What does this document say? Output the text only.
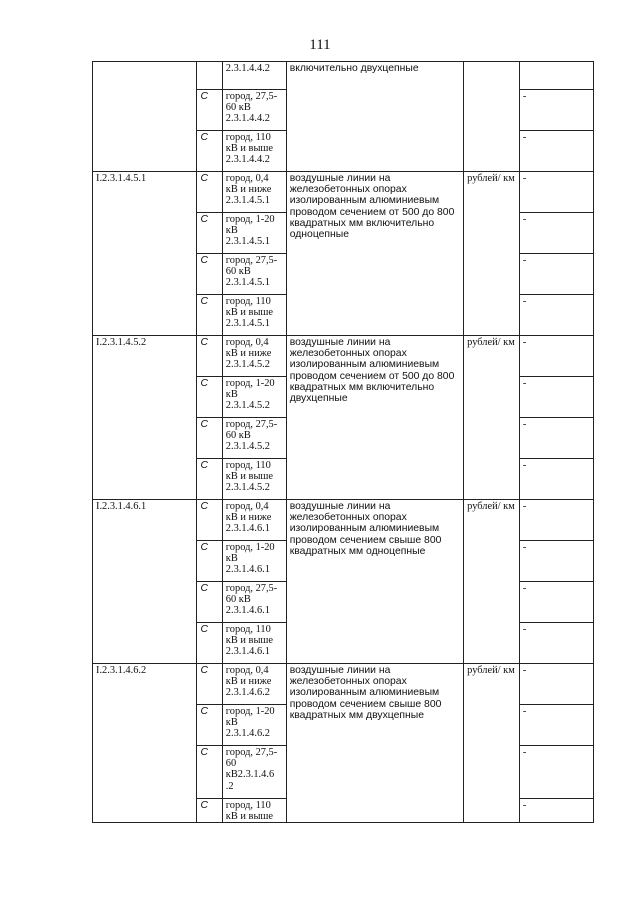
111
		2.3.1.4.4.2	включительно двухцепные		
	С	город, 27,5-60 кВ 2.3.1.4.4.2			-
	С	город, 110 кВ и выше 2.3.1.4.4.2			-
I.2.3.1.4.5.1	С	город, 0,4 кВ и ниже 2.3.1.4.5.1	воздушные линии на железобетонных опорах изолированным алюминиевым проводом сечением от 500 до 800 квадратных мм включительно одноцепные	рублей/ км	-
	С	город, 1-20 кВ 2.3.1.4.5.1			-
	С	город, 27,5-60 кВ 2.3.1.4.5.1			-
	С	город, 110 кВ и выше 2.3.1.4.5.1			-
I.2.3.1.4.5.2	С	город, 0,4 кВ и ниже 2.3.1.4.5.2	воздушные линии на железобетонных опорах изолированным алюминиевым проводом сечением от 500 до 800 квадратных мм включительно двухцепные	рублей/ км	-
	С	город, 1-20 кВ 2.3.1.4.5.2			-
	С	город, 27,5-60 кВ 2.3.1.4.5.2			-
	С	город, 110 кВ и выше 2.3.1.4.5.2			-
I.2.3.1.4.6.1	С	город, 0,4 кВ и ниже 2.3.1.4.6.1	воздушные линии на железобетонных опорах изолированным алюминиевым проводом сечением свыше 800 квадратных мм одноцепные	рублей/ км	-
	С	город, 1-20 кВ 2.3.1.4.6.1			-
	С	город, 27,5-60 кВ 2.3.1.4.6.1			-
	С	город, 110 кВ и выше 2.3.1.4.6.1			-
I.2.3.1.4.6.2	С	город, 0,4 кВ и ниже 2.3.1.4.6.2	воздушные линии на железобетонных опорах изолированным алюминиевым проводом сечением свыше 800 квадратных мм двухцепные	рублей/ км	-
	С	город, 1-20 кВ 2.3.1.4.6.2			-
	С	город, 27,5-60 кВ2.3.1.4.6 .2			-
	С	город, 110 кВ и выше			-
